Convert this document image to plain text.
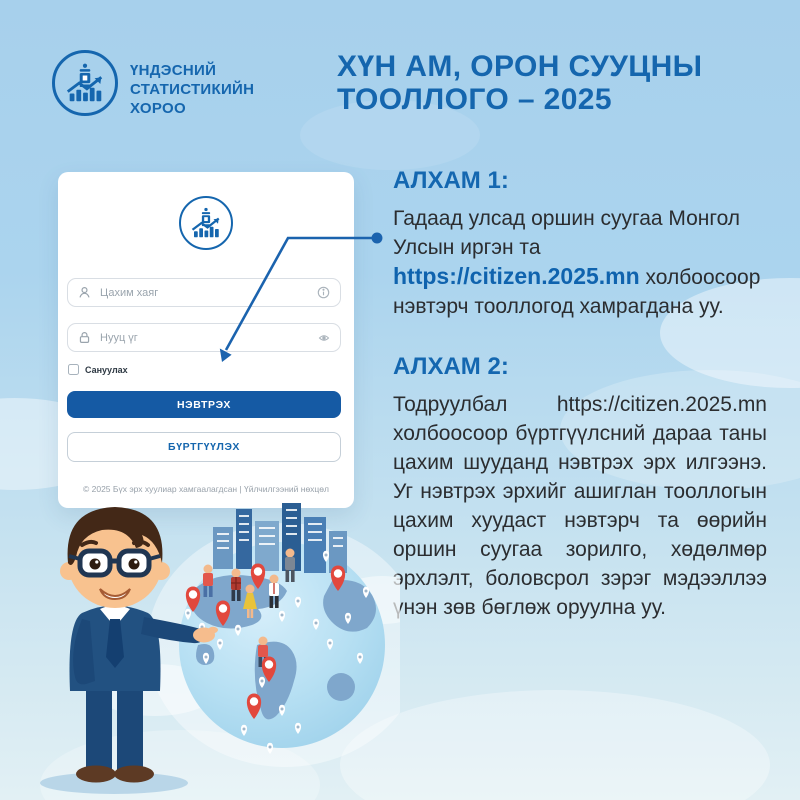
ҮНДЭСНИЙ
СТАТИСТИКИЙН
ХОРОО
ХҮН АМ, ОРОН СУУЦНЫ
ТООЛЛОГО – 2025
Цахим хаяг
Нууц үг
Сануулах
НЭВТРЭХ
БҮРТГҮҮЛЭХ
© 2025 Бүх эрх хуулиар хамгаалагдсан | Үйлчилгээний нөхцөл
АЛХАМ 1:

Гадаад улсад оршин суугаа Монгол Улсын иргэн та https://citizen.2025.mn холбоосоор нэвтэрч тооллогод хамрагдана уу.

АЛХАМ 2:

Тодруулбал https://citizen.2025.mn холбоосоор бүртгүүлсний дараа таны цахим шууданд нэвтрэх эрх илгээнэ. Уг нэвтрэх эрхийг ашиглан тооллогын цахим хуудаст нэвтэрч та өөрийн оршин суугаа зорилго, хөдөлмөр эрхлэлт, боловсрол зэрэг мэдээллээ үнэн зөв бөглөж оруулна уу.
